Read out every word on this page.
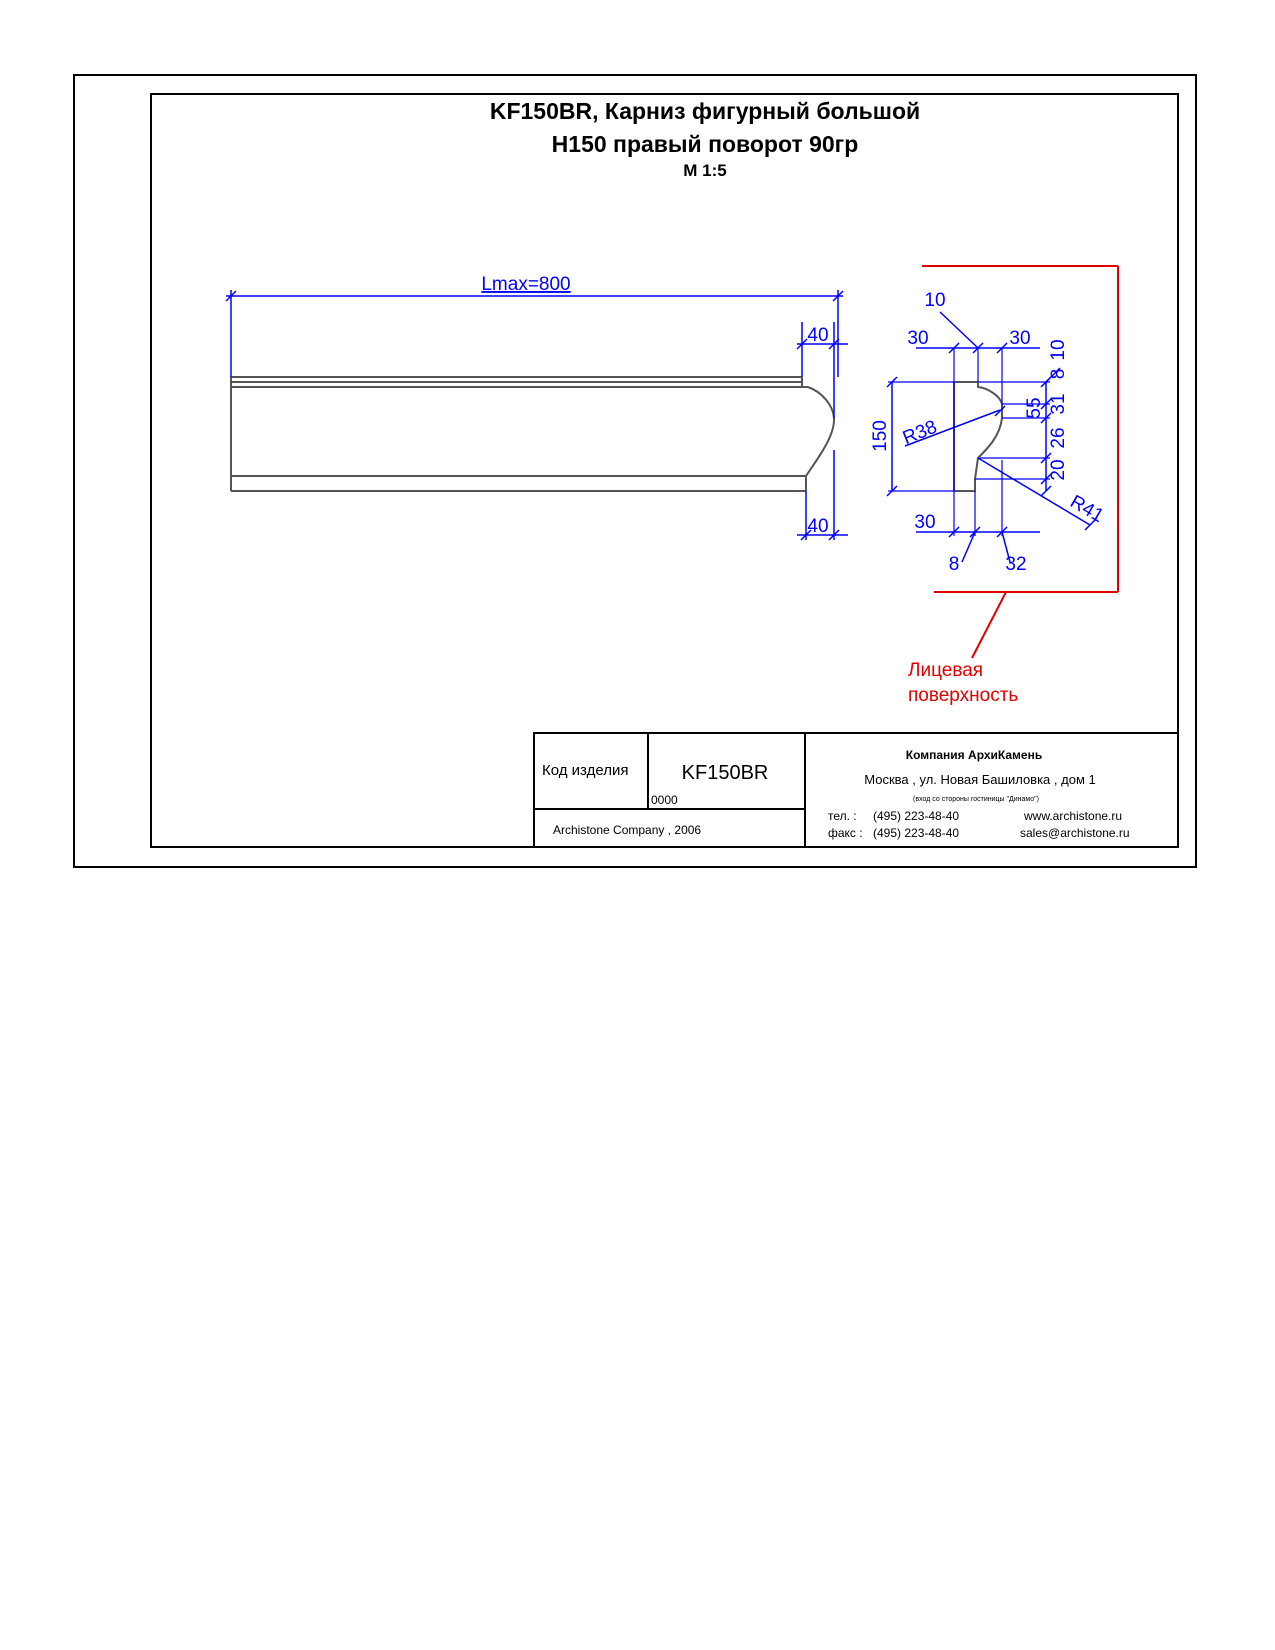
KF150BR, Карниз фигурный большой
H150 правый поворот 90гр
M 1:5
Lmax=800
40
40
10
30	30
150 R38
55 31
8
10
26
20
R41
30
8 32
Лицевая
поверхность
Код изделия	KF150BR
0000
Archistone Company , 2006
Компания АрхиКамень
Москва , ул. Новая Башиловка , дом 1
(вход со стороны гостиницы "Динамо")
тел. : (495) 223-48-40
факс : (495) 223-48-40
www.archistone.ru
sales@archistone.ru
